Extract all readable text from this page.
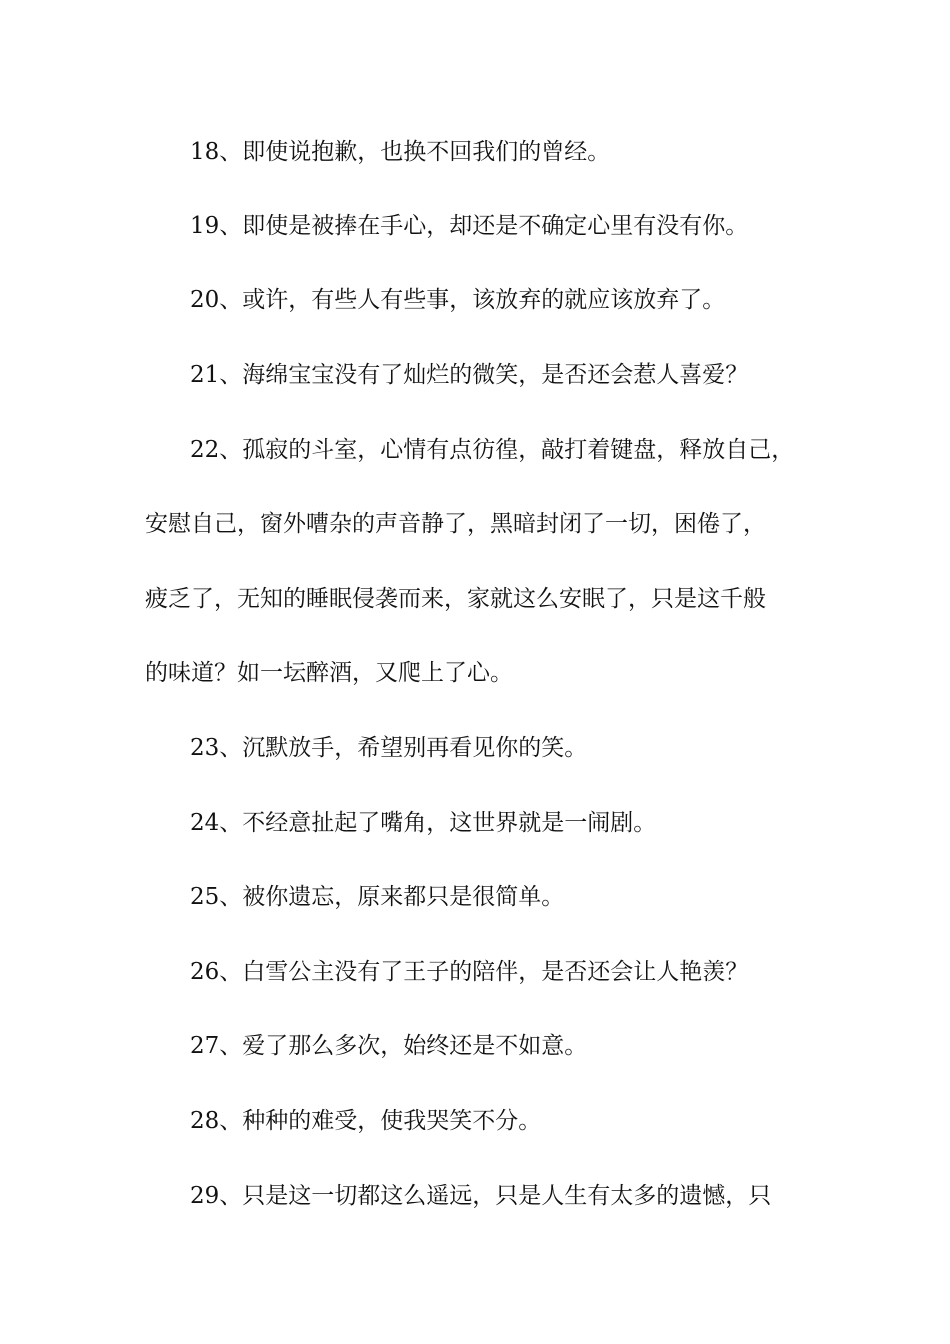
18、即使说抱歉，也换不回我们的曾经。
19、即使是被捧在手心，却还是不确定心里有没有你。
20、或许，有些人有些事，该放弃的就应该放弃了。
21、海绵宝宝没有了灿烂的微笑，是否还会惹人喜爱？
22、孤寂的斗室，心情有点彷徨，敲打着键盘，释放自己，
安慰自己，窗外嘈杂的声音静了，黑暗封闭了一切，困倦了，
疲乏了，无知的睡眠侵袭而来，家就这么安眠了，只是这千般
的味道？如一坛醉酒，又爬上了心。
23、沉默放手，希望别再看见你的笑。
24、不经意扯起了嘴角，这世界就是一闹剧。
25、被你遗忘，原来都只是很简单。
26、白雪公主没有了王子的陪伴，是否还会让人艳羡？
27、爱了那么多次，始终还是不如意。
28、种种的难受，使我哭笑不分。
29、只是这一切都这么遥远，只是人生有太多的遗憾，只
